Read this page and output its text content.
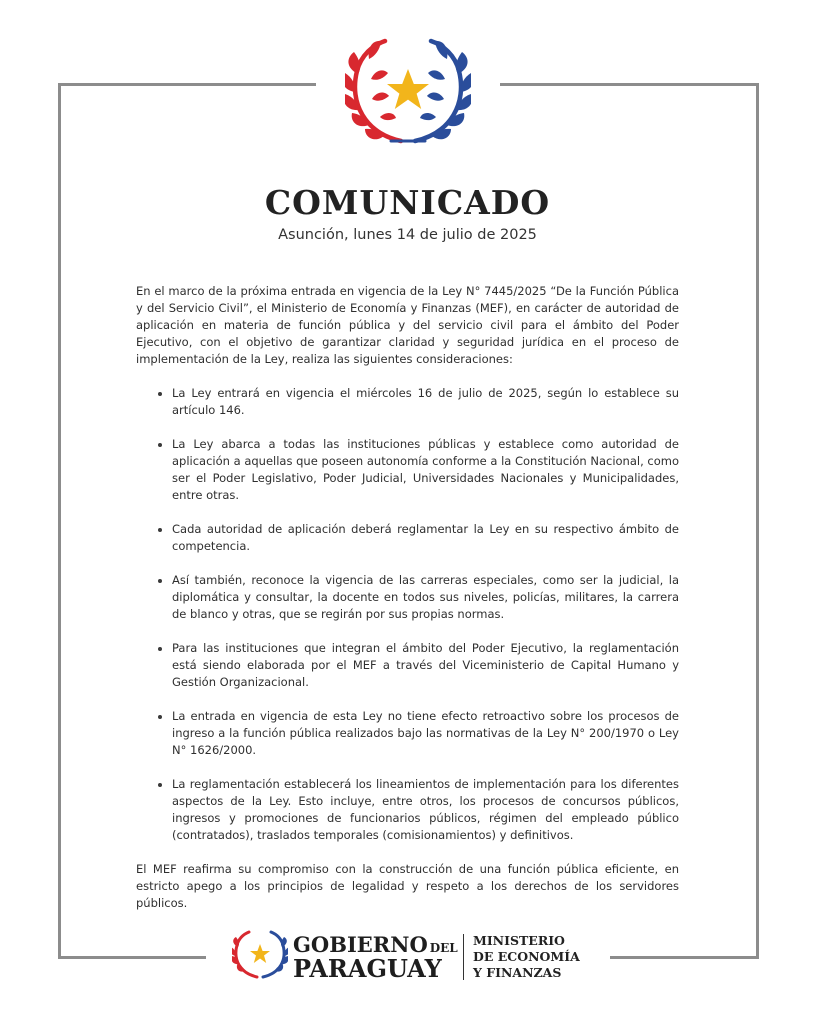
COMUNICADO
Asunción, lunes 14 de julio de 2025

En el marco de la próxima entrada en vigencia de la Ley N° 7445/2025 “De la Función Pública y del Servicio Civil”, el Ministerio de Economía y Finanzas (MEF), en carácter de autoridad de aplicación en materia de función pública y del servicio civil para el ámbito del Poder Ejecutivo, con el objetivo de garantizar claridad y seguridad jurídica en el proceso de implementación de la Ley, realiza las siguientes consideraciones:

La Ley entrará en vigencia el miércoles 16 de julio de 2025, según lo establece su artículo 146.
La Ley abarca a todas las instituciones públicas y establece como autoridad de aplicación a aquellas que poseen autonomía conforme a la Constitución Nacional, como ser el Poder Legislativo, Poder Judicial, Universidades Nacionales y Municipalidades, entre otras.
Cada autoridad de aplicación deberá reglamentar la Ley en su respectivo ámbito de competencia.
Así también, reconoce la vigencia de las carreras especiales, como ser la judicial, la diplomática y consultar, la docente en todos sus niveles, policías, militares, la carrera de blanco y otras, que se regirán por sus propias normas.
Para las instituciones que integran el ámbito del Poder Ejecutivo, la reglamentación está siendo elaborada por el MEF a través del Viceministerio de Capital Humano y Gestión Organizacional.
La entrada en vigencia de esta Ley no tiene efecto retroactivo sobre los procesos de ingreso a la función pública realizados bajo las normativas de la Ley N° 200/1970 o Ley N° 1626/2000.
La reglamentación establecerá los lineamientos de implementación para los diferentes aspectos de la Ley. Esto incluye, entre otros, los procesos de concursos públicos, ingresos y promociones de funcionarios públicos, régimen del empleado público (contratados), traslados temporales (comisionamientos) y definitivos.

El MEF reafirma su compromiso con la construcción de una función pública eficiente, en estricto apego a los principios de legalidad y respeto a los derechos de los servidores públicos.

GOBIERNO DEL
PARAGUAY
MINISTERIO
DE ECONOMÍA
Y FINANZAS
